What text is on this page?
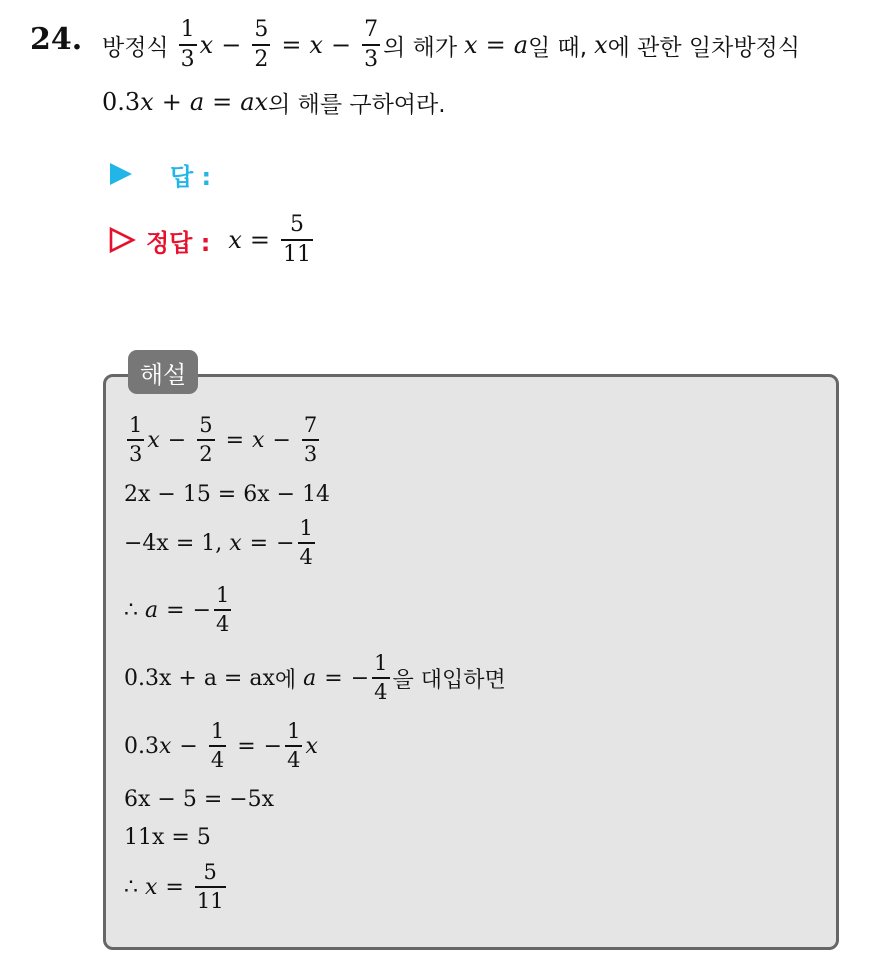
24. 방정식 $\frac{1}{3}$ $x - \frac{5}{2} = x - \frac{7}{3}$ 의 해가 x = a 일 때, x 에 관한 일차방정식
0.3 x + a = ax 의 해를 구하여라.
답 :
정답 : $x = \frac{5}{11}$
해설
$\frac{1}{3}$ $x - \frac{5}{2} = x - \frac{7}{3}$
2x − 15 = 6x − 14
−4x = 1, x = − $\frac{1}{4}$
∴ a = − $\frac{1}{4}$
0.3x + a = ax 에 a = − $\frac{1}{4}$ 을 대입하면
0.3 $x - \frac{1}{4}$ = − $\frac{1}{4}$ x
6x − 5 = −5x
11x = 5
∴ $x = \frac{5}{11}$
